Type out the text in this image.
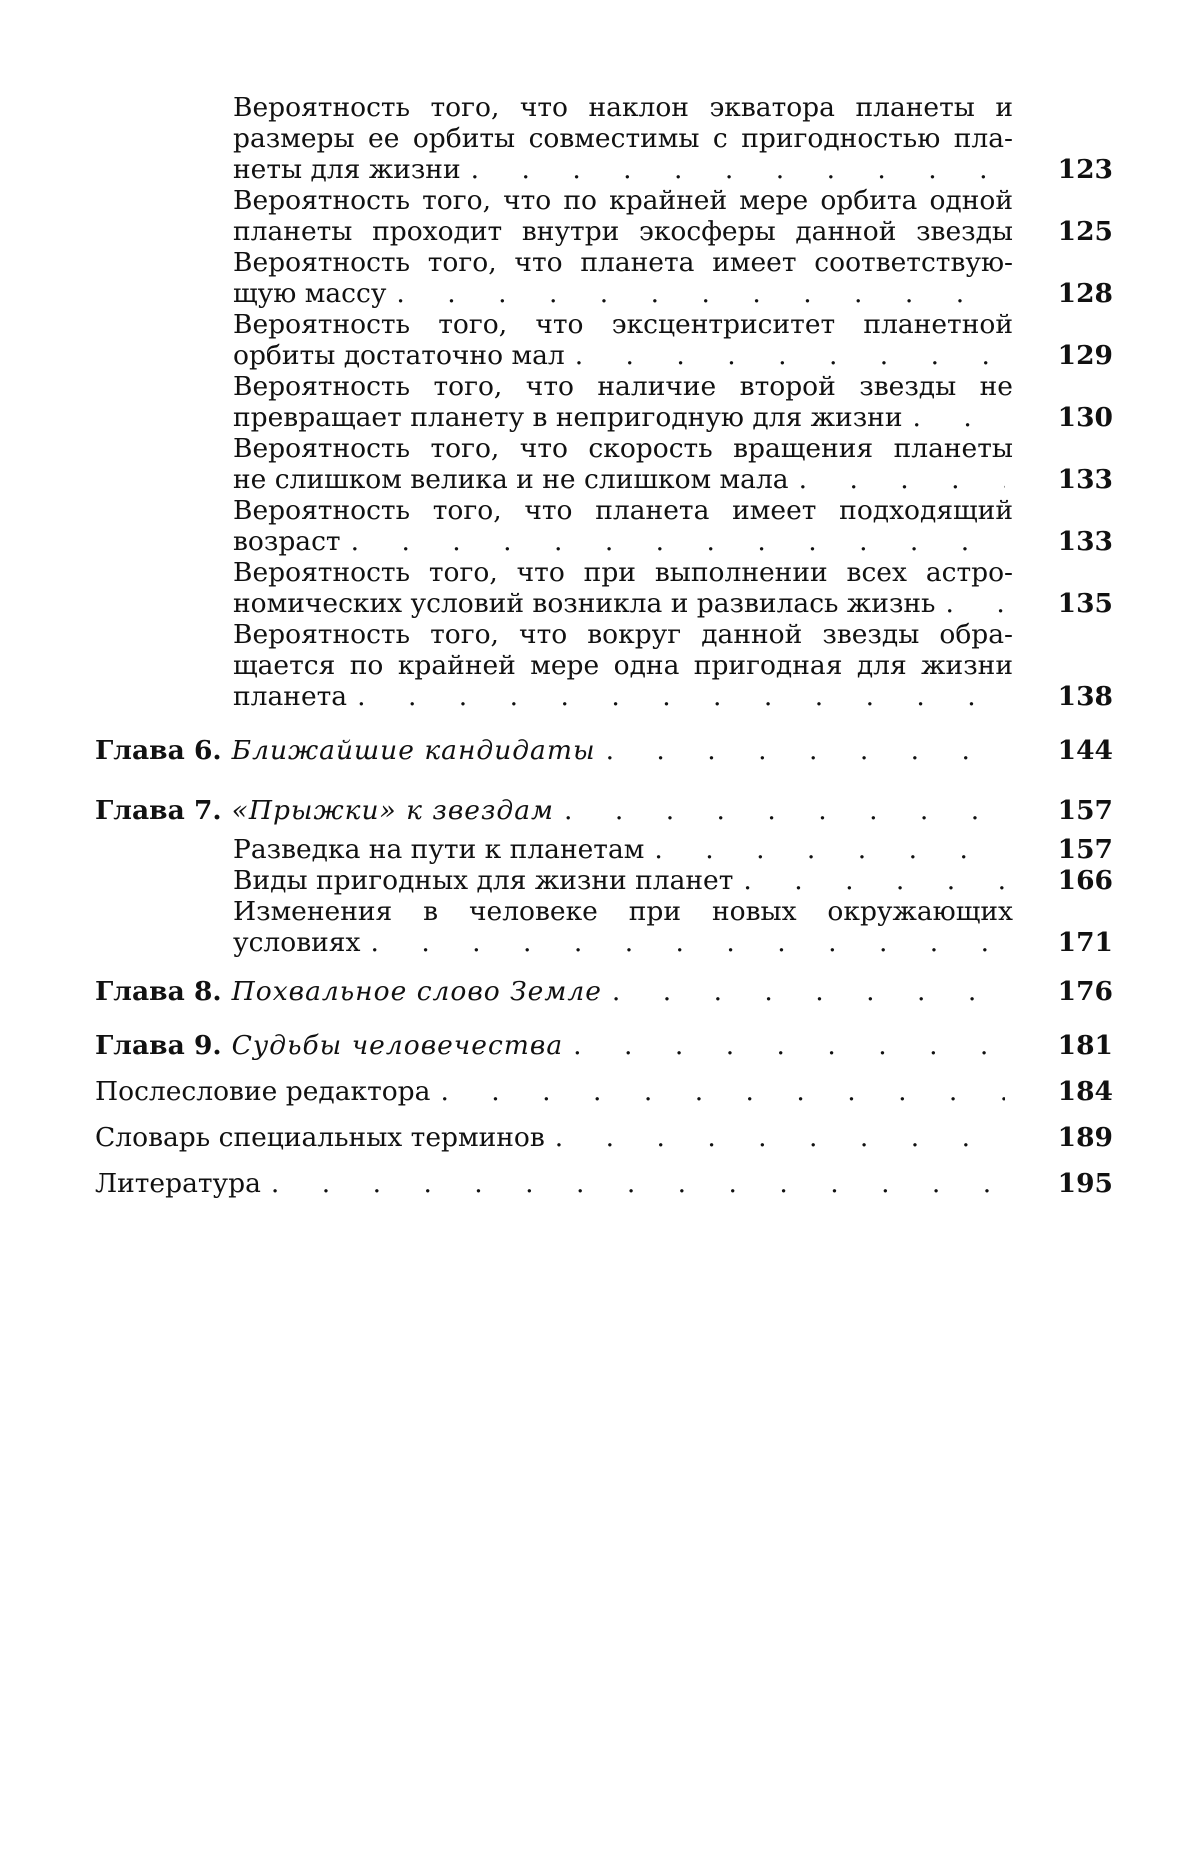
Вероятность того, что наклон экватора планеты и
размеры ее орбиты совместимы с пригодностью пла-
неты для жизни . . .	123
Вероятность того, что по крайней мере орбита одной
планеты проходит внутри экосферы данной звезды	125
Вероятность того, что планета имеет соответствую-
щую массу . . .	128
Вероятность того, что эксцентриситет планетной
орбиты достаточно мал . . .	129
Вероятность того, что наличие второй звезды не
превращает планету в непригодную для жизни . . .	130
Вероятность того, что скорость вращения планеты
не слишком велика и не слишком мала . . .	133
Вероятность того, что планета имеет подходящий
возраст . . .	133
Вероятность того, что при выполнении всех астро-
номических условий возникла и развилась жизнь . . .	135
Вероятность того, что вокруг данной звезды обра-
щается по крайней мере одна пригодная для жизни
планета . . .	138
Глава 6. Ближайшие кандидаты . . .	144
Глава 7. «Прыжки» к звездам . . .	157
Разведка на пути к планетам . . .	157
Виды пригодных для жизни планет . . .	166
Изменения в человеке при новых окружающих
условиях . . .	171
Глава 8. Похвальное слово Земле . . .	176
Глава 9. Судьбы человечества . . .	181
Послесловие редактора . . .	184
Словарь специальных терминов . . .	189
Литература . . .	195
